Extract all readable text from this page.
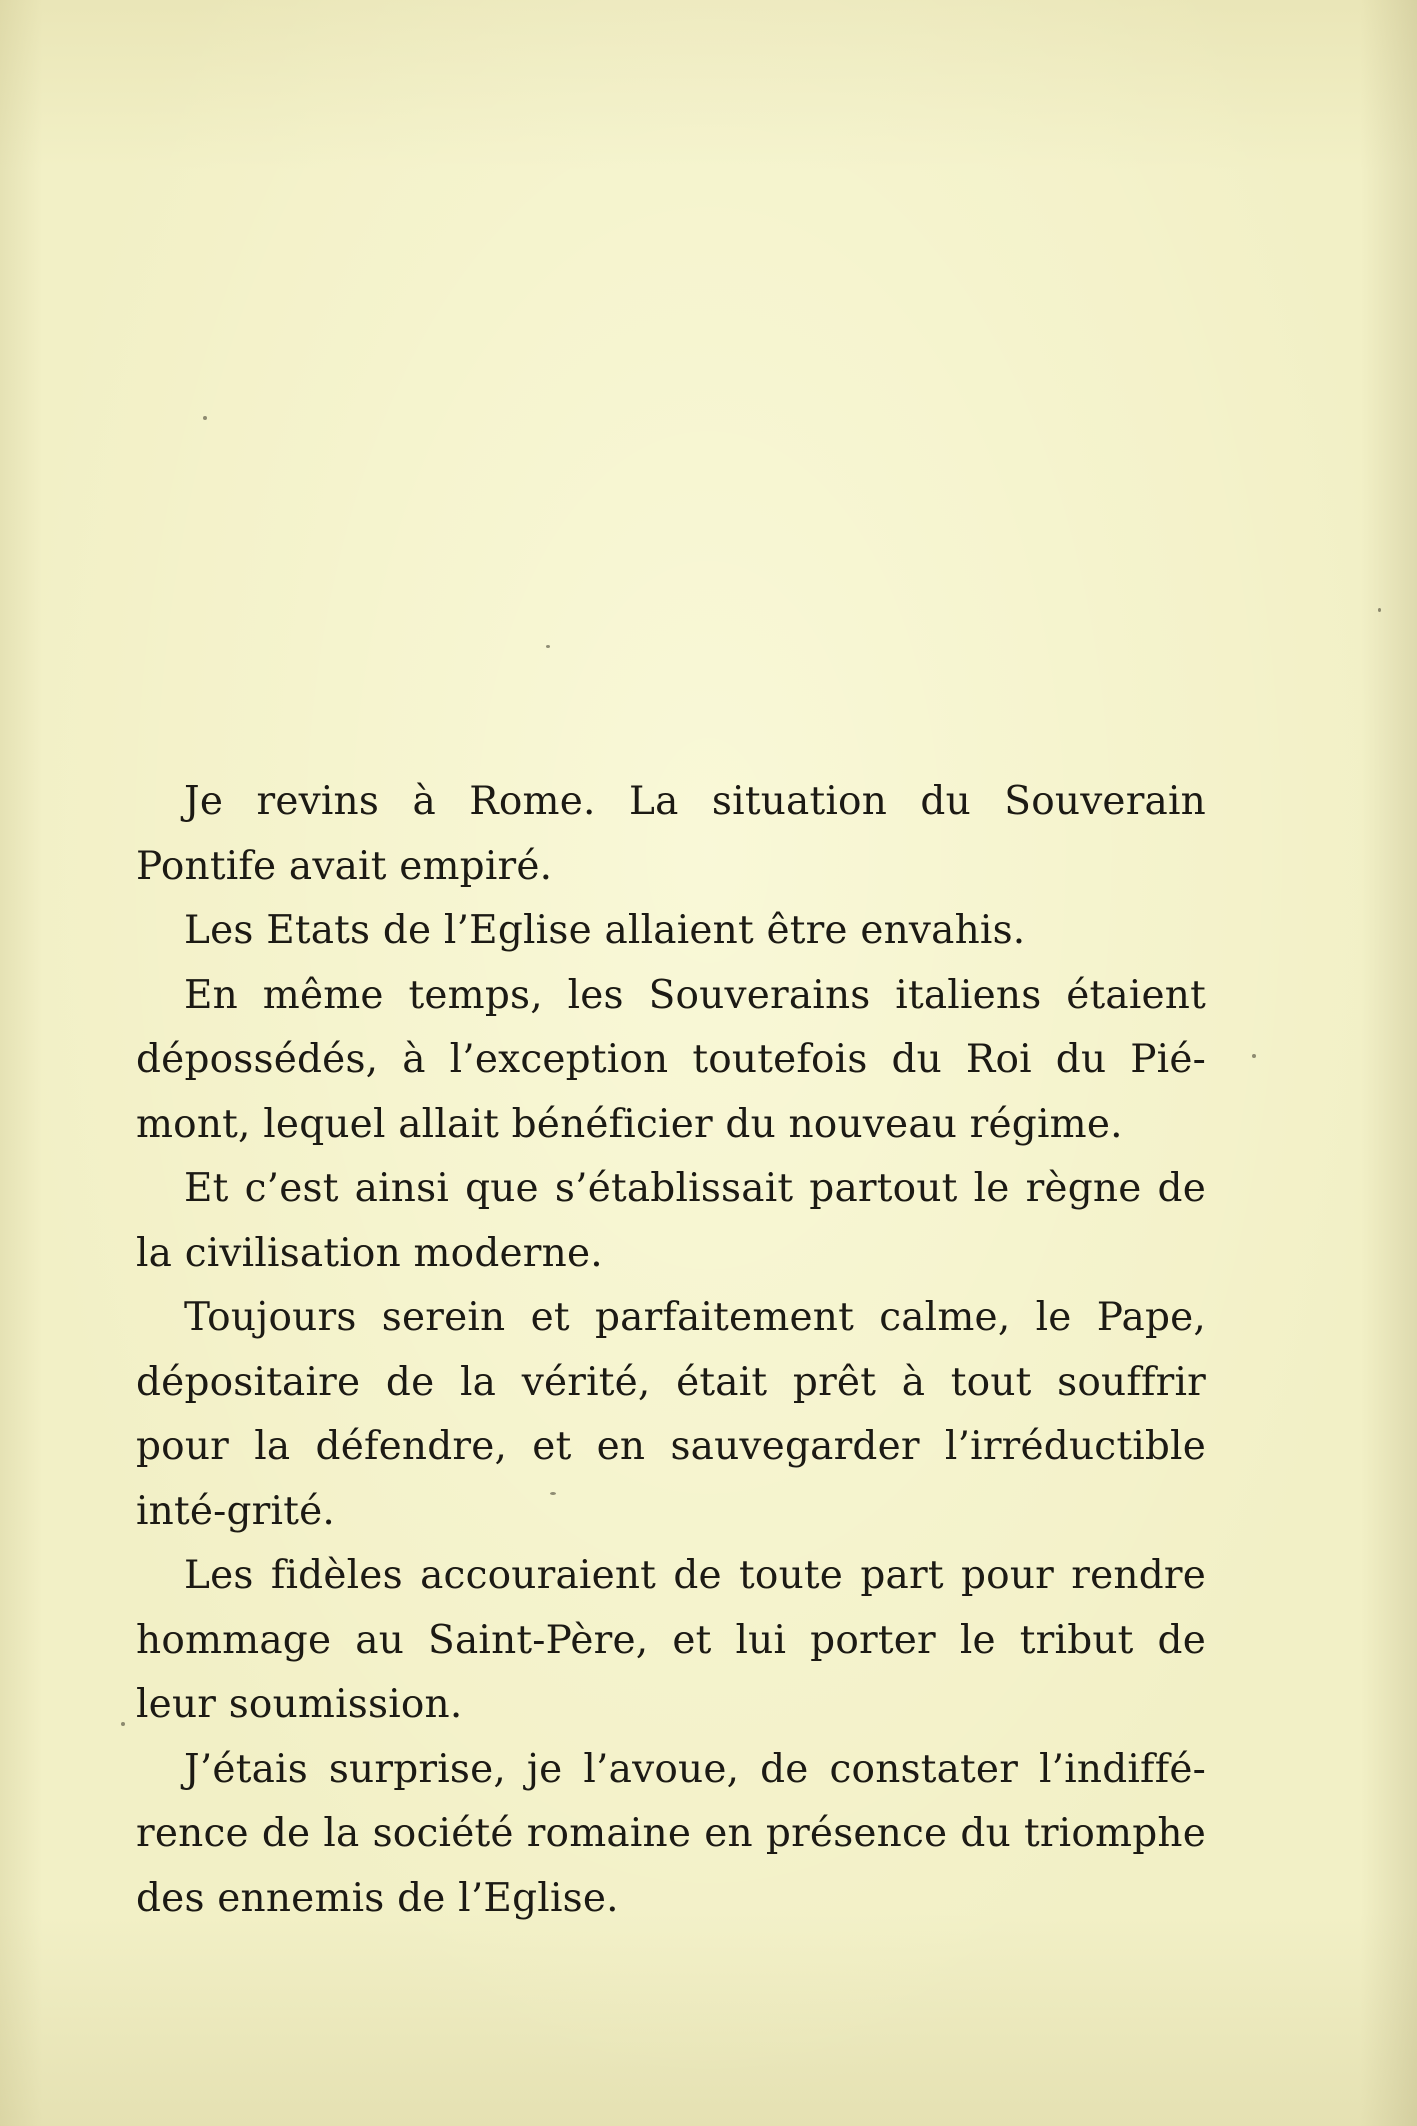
Je revins à Rome. La situation du Souverain Pontife avait empiré.

Les Etats de l’Eglise allaient être envahis.

En même temps, les Souverains italiens étaient dépossédés, à l’exception toutefois du Roi du Pié-mont, lequel allait bénéficier du nouveau régime.

Et c’est ainsi que s’établissait partout le règne de la civilisation moderne.

Toujours serein et parfaitement calme, le Pape, dépositaire de la vérité, était prêt à tout souffrir pour la défendre, et en sauvegarder l’irréductible inté-grité.

Les fidèles accouraient de toute part pour rendre hommage au Saint-Père, et lui porter le tribut de leur soumission.

J’étais surprise, je l’avoue, de constater l’indiffé-rence de la société romaine en présence du triomphe des ennemis de l’Eglise.
